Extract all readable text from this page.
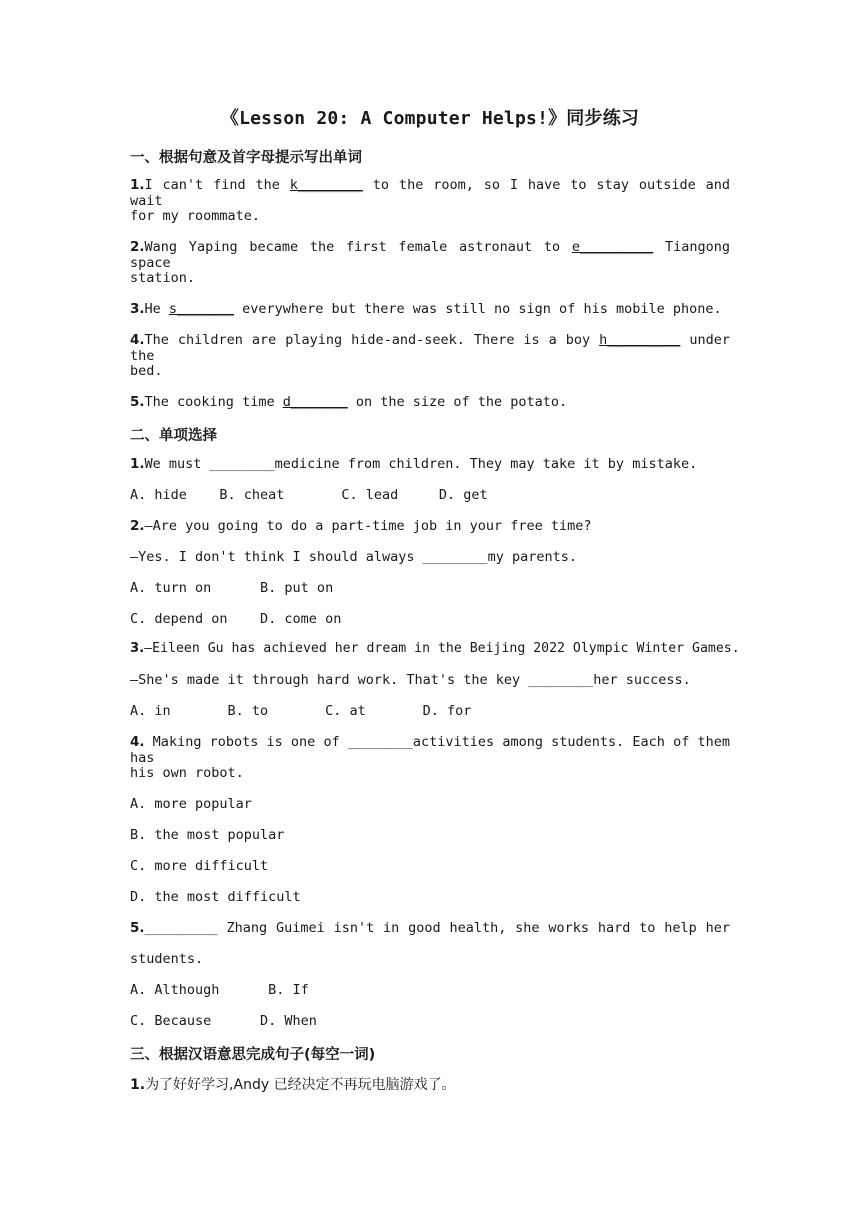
《Lesson 20: A Computer Helps!》同步练习
一、根据句意及首字母提示写出单词
1.I can't find the k________ to the room, so I have to stay outside and wait
for my roommate.
2.Wang Yaping became the first female astronaut to e_________ Tiangong space
station.
3.He s_______ everywhere but there was still no sign of his mobile phone.
4.The children are playing hide-and-seek. There is a boy h_________ under the
bed.
5.The cooking time d_______ on the size of the potato.
二、单项选择
1.We must ________medicine from children. They may take it by mistake.
A. hide    B. cheat       C. lead     D. get
2.—Are you going to do a part-time job in your free time?
—Yes. I don't think I should always ________my parents.
A. turn on      B. put on
C. depend on    D. come on
3.—Eileen Gu has achieved her dream in the Beijing 2022 Olympic Winter Games.
—She's made it through hard work. That's the key ________her success.
A. in       B. to       C. at       D. for
4. Making robots is one of ________activities among students. Each of them has
his own robot.
A. more popular
B. the most popular
C. more difficult
D. the most difficult
5._________ Zhang Guimei isn't in good health, she works hard to help her
students.
A. Although      B. If
C. Because      D. When
三、根据汉语意思完成句子(每空一词)
1.为了好好学习,Andy 已经决定不再玩电脑游戏了。
